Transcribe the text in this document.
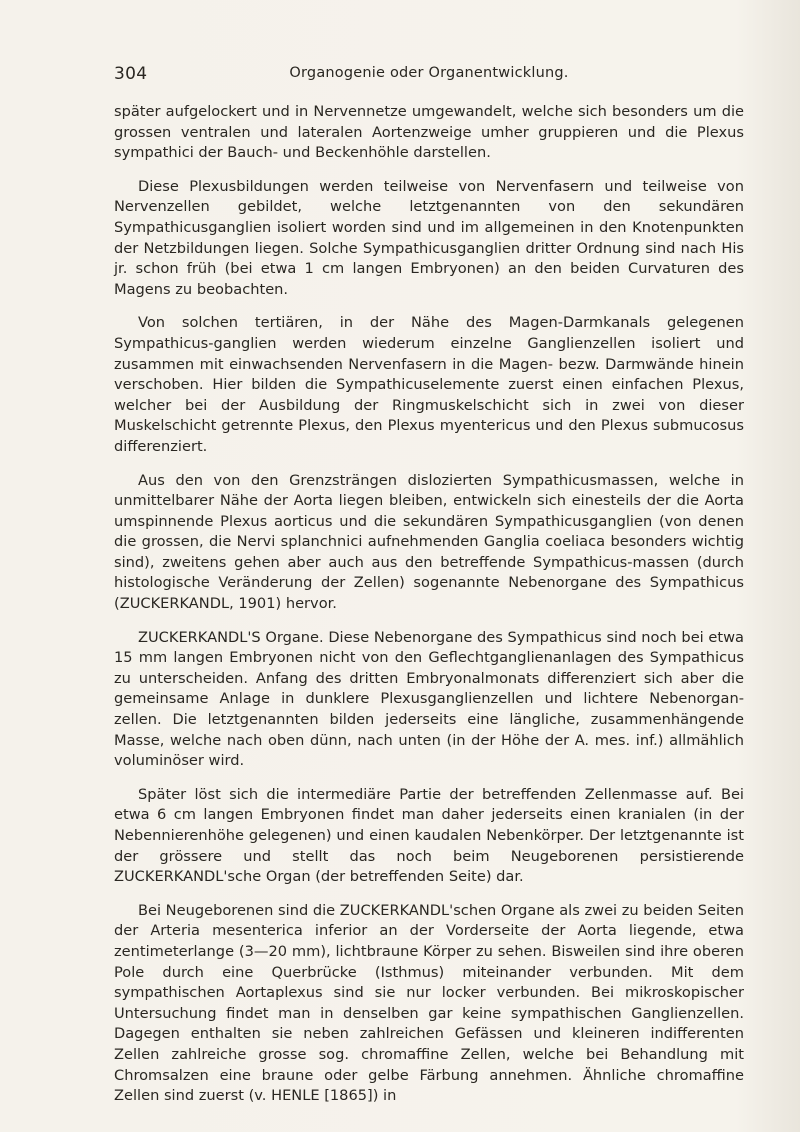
304	Organogenie oder Organentwicklung.

später aufgelockert und in Nervennetze umgewandelt, welche sich besonders um die grossen ventralen und lateralen Aortenzweige umher gruppieren und die Plexus sympathici der Bauch- und Beckenhöhle darstellen.

Diese Plexusbildungen werden teilweise von Nervenfasern und teilweise von Nervenzellen gebildet, welche letztgenannten von den sekundären Sympathicusganglien isoliert worden sind und im allgemeinen in den Knotenpunkten der Netzbildungen liegen. Solche Sympathicusganglien dritter Ordnung sind nach His jr. schon früh (bei etwa 1 cm langen Embryonen) an den beiden Curvaturen des Magens zu beobachten.

Von solchen tertiären, in der Nähe des Magen-Darmkanals gelegenen Sympathicus-ganglien werden wiederum einzelne Ganglienzellen isoliert und zusammen mit einwachsenden Nervenfasern in die Magen- bezw. Darmwände hinein verschoben. Hier bilden die Sympathicuselemente zuerst einen einfachen Plexus, welcher bei der Ausbildung der Ringmuskelschicht sich in zwei von dieser Muskelschicht getrennte Plexus, den Plexus myentericus und den Plexus submucosus differenziert.

Aus den von den Grenzsträngen dislozierten Sympathicusmassen, welche in unmittelbarer Nähe der Aorta liegen bleiben, entwickeln sich einesteils der die Aorta umspinnende Plexus aorticus und die sekundären Sympathicusganglien (von denen die grossen, die Nervi splanchnici aufnehmenden Ganglia coeliaca besonders wichtig sind), zweitens gehen aber auch aus den betreffende Sympathicus-massen (durch histologische Veränderung der Zellen) sogenannte Nebenorgane des Sympathicus (ZUCKERKANDL, 1901) hervor.

ZUCKERKANDL'S Organe. Diese Nebenorgane des Sympathicus sind noch bei etwa 15 mm langen Embryonen nicht von den Geflechtganglienanlagen des Sympathicus zu unterscheiden. Anfang des dritten Embryonalmonats differenziert sich aber die gemeinsame Anlage in dunklere Plexusganglienzellen und lichtere Nebenorgan-zellen. Die letztgenannten bilden jederseits eine längliche, zusammenhängende Masse, welche nach oben dünn, nach unten (in der Höhe der A. mes. inf.) allmählich voluminöser wird.

Später löst sich die intermediäre Partie der betreffenden Zellenmasse auf. Bei etwa 6 cm langen Embryonen findet man daher jederseits einen kranialen (in der Nebennierenhöhe gelegenen) und einen kaudalen Nebenkörper. Der letztgenannte ist der grössere und stellt das noch beim Neugeborenen persistierende ZUCKERKANDL'sche Organ (der betreffenden Seite) dar.

Bei Neugeborenen sind die ZUCKERKANDL'schen Organe als zwei zu beiden Seiten der Arteria mesenterica inferior an der Vorderseite der Aorta liegende, etwa zentimeterlange (3—20 mm), lichtbraune Körper zu sehen. Bisweilen sind ihre oberen Pole durch eine Querbrücke (Isthmus) miteinander verbunden. Mit dem sympathischen Aortaplexus sind sie nur locker verbunden. Bei mikroskopischer Untersuchung findet man in denselben gar keine sympathischen Ganglienzellen. Dagegen enthalten sie neben zahlreichen Gefässen und kleineren indifferenten Zellen zahlreiche grosse sog. chromaffine Zellen, welche bei Behandlung mit Chromsalzen eine braune oder gelbe Färbung annehmen. Ähnliche chromaffine Zellen sind zuerst (v. HENLE [1865]) in
